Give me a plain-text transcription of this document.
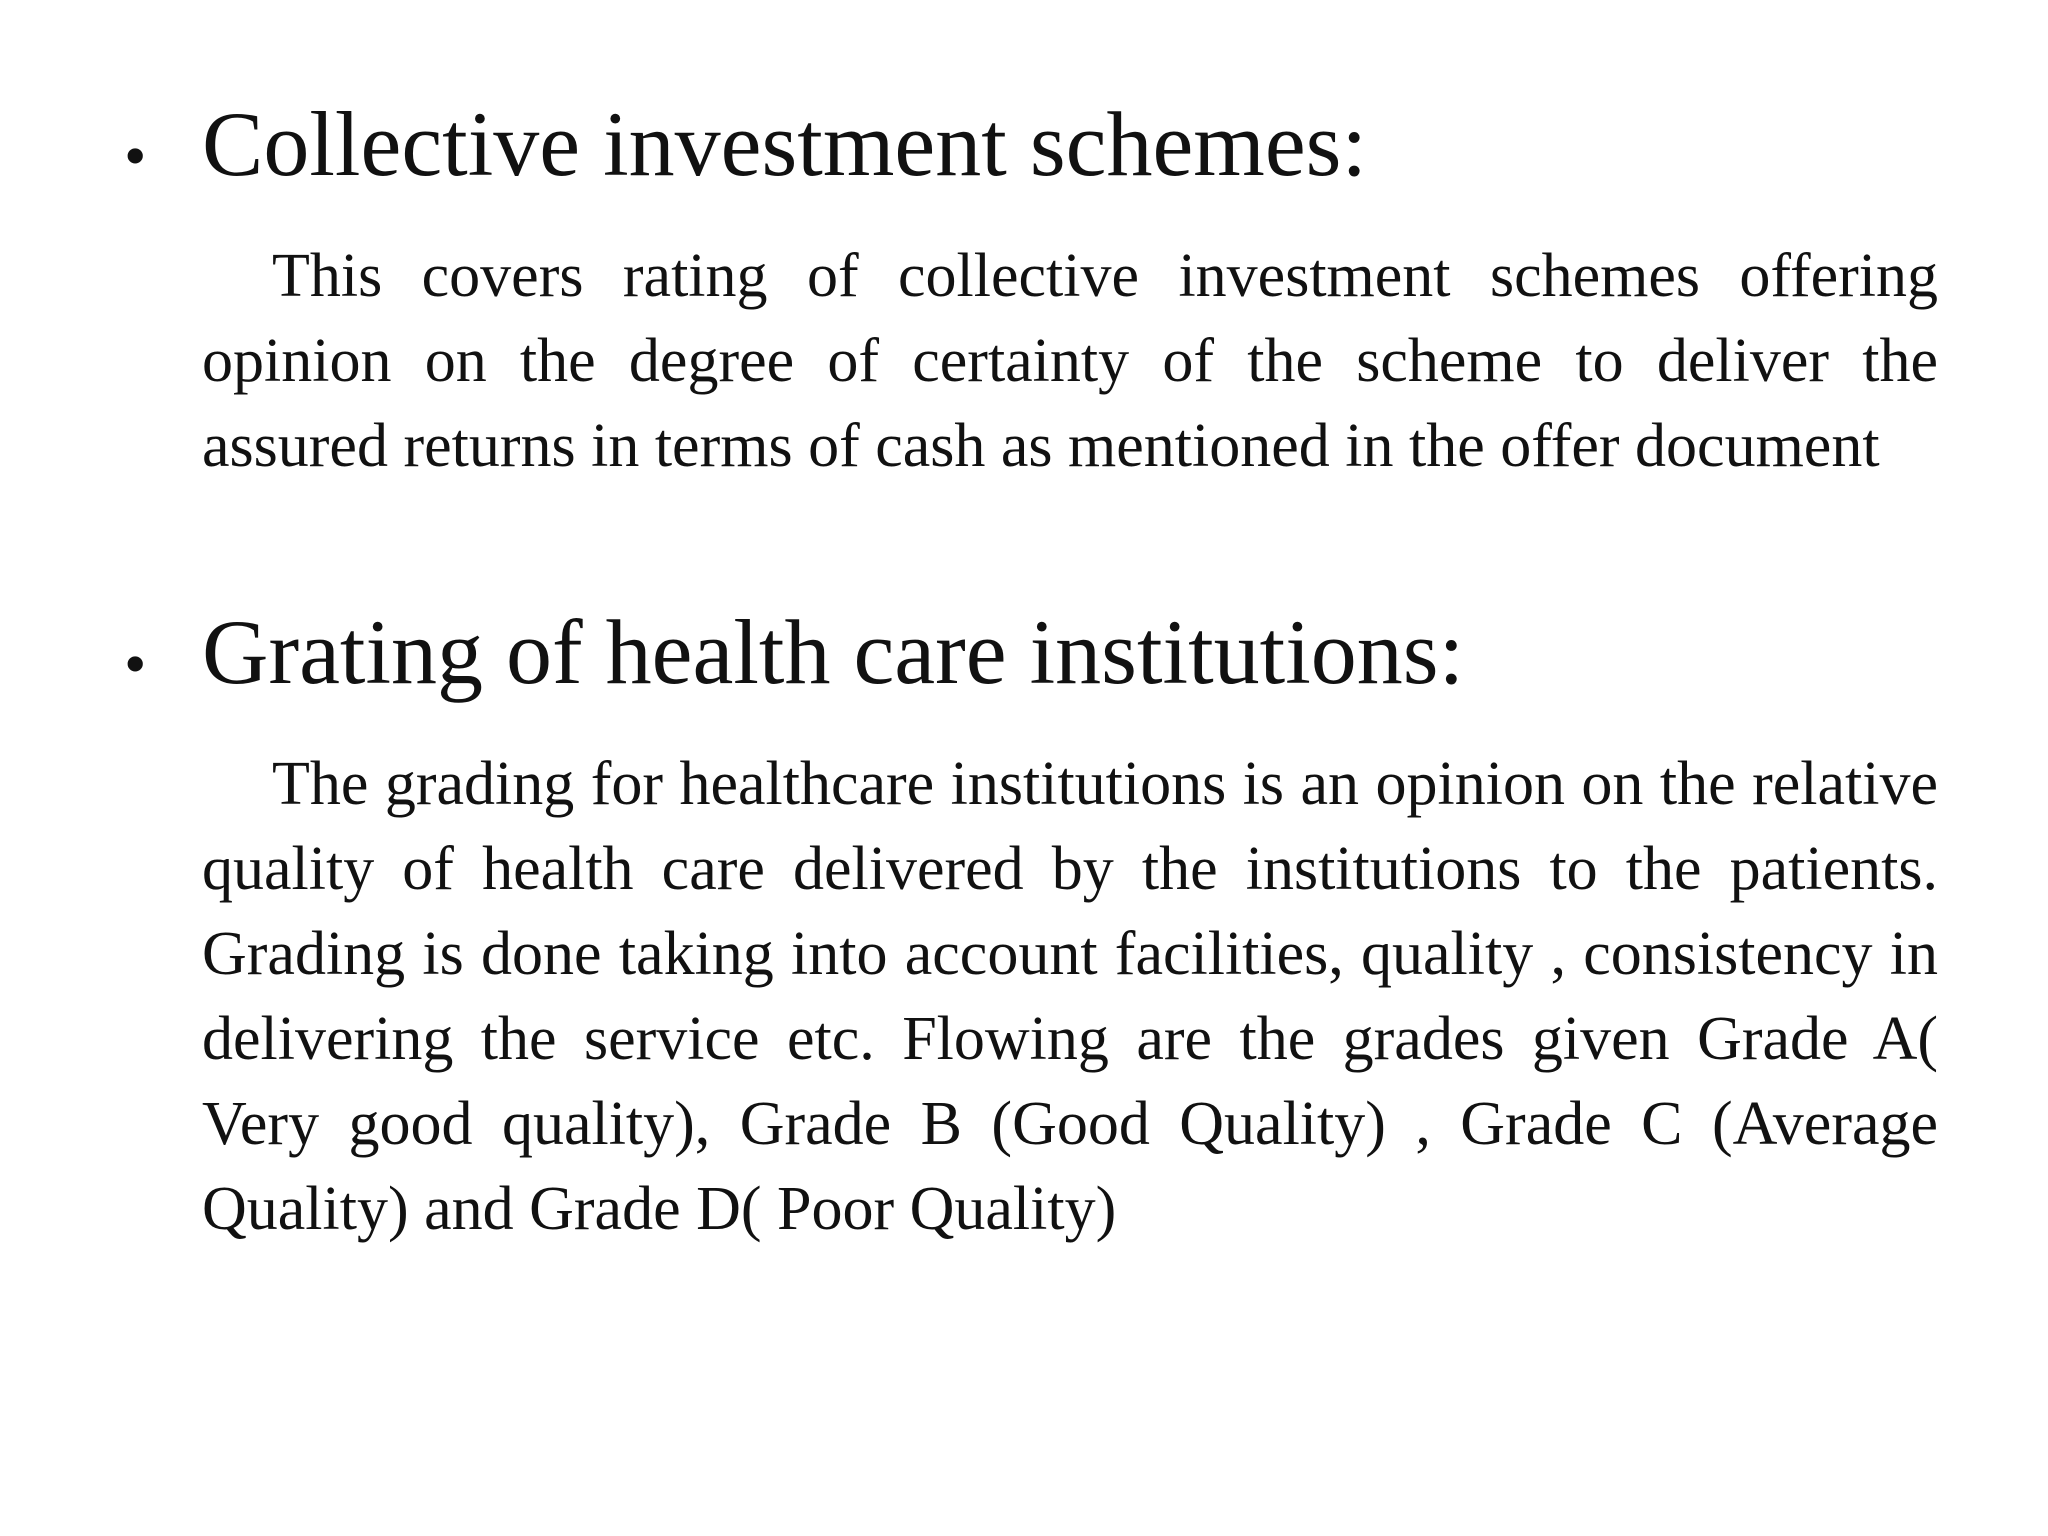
• Collective investment schemes:

This covers rating of collective investment schemes offering opinion on the degree of certainty of the scheme to deliver the assured returns in terms of cash as mentioned in the offer document

• Grating of health care institutions:

The grading for healthcare institutions is an opinion on the relative quality of health care delivered by the institutions to the patients. Grading is done taking into account facilities, quality , consistency in delivering the service etc. Flowing are the grades given Grade A( Very good quality), Grade B (Good Quality) , Grade C (Average Quality) and Grade D( Poor Quality)
